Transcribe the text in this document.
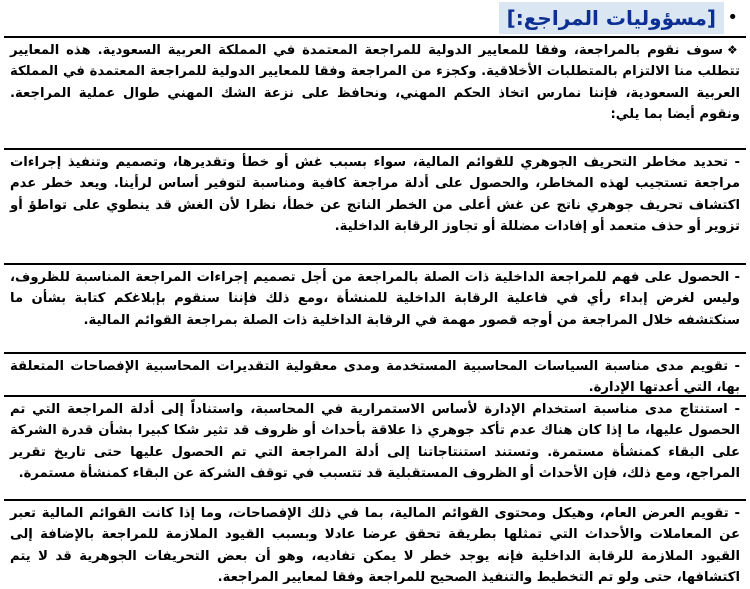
•
[مسؤوليات المراجع:]
❖سوف نقوم بالمراجعة، وفقا للمعايير الدولية للمراجعة المعتمدة في المملكة العربية السعودية. هذه المعايير تتطلب منا الالتزام بالمتطلبات الأخلاقية. وكجزء من المراجعة وفقا للمعايير الدولية للمراجعة المعتمدة في المملكة العربية السعودية، فإننا نمارس اتخاذ الحكم المهني، ونحافظ على نزعة الشك المهني طوال عملية المراجعة. ونقوم أيضا بما يلي:
- تحديد مخاطر التحريف الجوهري للقوائم المالية، سواء بسبب غش أو خطأ وتقديرها، وتصميم وتنفيذ إجراءات مراجعة تستجيب لهذه المخاطر، والحصول على أدلة مراجعة كافية ومناسبة لتوفير أساس لرأينا. ويعد خطر عدم اكتشاف تحريف جوهري ناتج عن غش أعلى من الخطر الناتج عن خطأ، نظرا لأن الغش قد ينطوي على تواطؤ أو تزوير أو حذف متعمد أو إفادات مضللة أو تجاوز الرقابة الداخلية.
- الحصول على فهم للمراجعة الداخلية ذات الصلة بالمراجعة من أجل تصميم إجراءات المراجعة المناسبة للظروف، وليس لغرض إبداء رأي في فاعلية الرقابة الداخلية للمنشأة ،ومع ذلك فإننا سنقوم بإبلاغكم كتابة بشأن ما سنكتشفه خلال المراجعة من أوجه قصور مهمة في الرقابة الداخلية ذات الصلة بمراجعة القوائم المالية.
- تقويم مدى مناسبة السياسات المحاسبية المستخدمة ومدى معقولية التقديرات المحاسبية الإفصاحات المتعلقة بها، التي أعدتها الإدارة.
- استنتاج مدى مناسبة استخدام الإدارة لأساس الاستمرارية في المحاسبة، واستناداً إلى أدلة المراجعة التي تم الحصول عليها، ما إذا كان هناك عدم تأكد جوهري ذا علاقة بأحداث أو ظروف قد تثير شكا كبيرا بشأن قدرة الشركة على البقاء كمنشأة مستمرة. وتستند استنتاجاتنا إلى أدلة المراجعة التي تم الحصول عليها حتى تاريخ تقرير المراجع، ومع ذلك، فإن الأحداث أو الظروف المستقبلية قد تتسبب في توقف الشركة عن البقاء كمنشأة مستمرة.
- تقويم العرض العام، وهيكل ومحتوى القوائم المالية، بما في ذلك الإفصاحات، وما إذا كانت القوائم المالية تعبر عن المعاملات والأحداث التي تمثلها بطريقة تحقق عرضا عادلا وبسبب القيود الملازمة للمراجعة بالإضافة إلى القيود الملازمة للرقابة الداخلية فإنه يوجد خطر لا يمكن تفاديه، وهو أن بعض التحريفات الجوهرية قد لا يتم اكتشافها، حتى ولو تم التخطيط والتنفيذ الصحيح للمراجعة وفقا لمعايير المراجعة.
